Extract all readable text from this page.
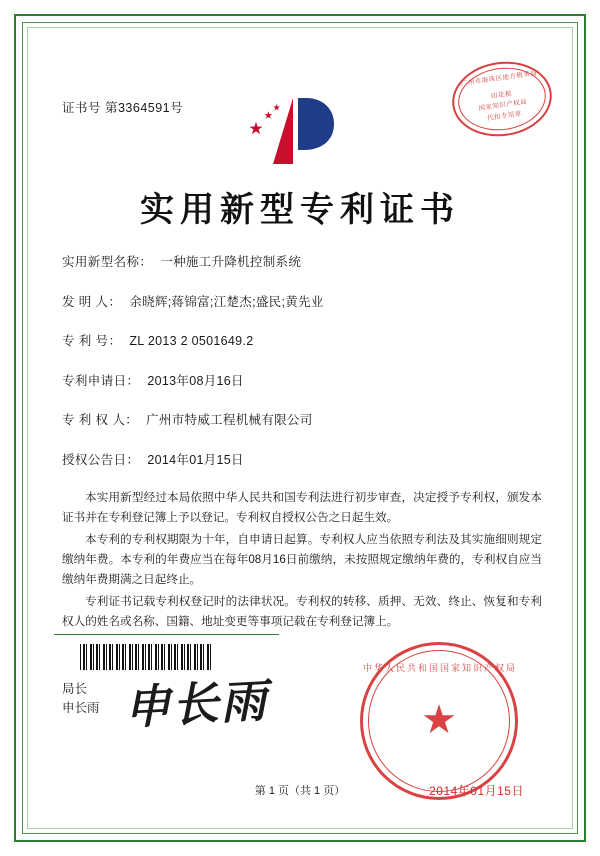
证书号 第3364591号
广州市海珠区地方税务局
印花税
国家知识产权局
代扣专用章
实用新型专利证书
实用新型名称： 一种施工升降机控制系统
发 明 人： 余晓辉;蒋锦富;江楚杰;盛民;黄先业
专 利 号： ZL 2013 2 0501649.2
专利申请日： 2013年08月16日
专 利 权 人： 广州市特威工程机械有限公司
授权公告日： 2014年01月15日

本实用新型经过本局依照中华人民共和国专利法进行初步审查，决定授予专利权，颁发本证书并在专利登记簿上予以登记。专利权自授权公告之日起生效。

本专利的专利权期限为十年，自申请日起算。专利权人应当依照专利法及其实施细则规定缴纳年费。本专利的年费应当在每年08月16日前缴纳，未按照规定缴纳年费的，专利权自应当缴纳年费期满之日起终止。

专利证书记载专利权登记时的法律状况。专利权的转移、质押、无效、终止、恢复和专利权人的姓名或名称、国籍、地址变更等事项记载在专利登记簿上。

局长
申长雨 申长雨
中华人民共和国国家知识产权局
★
2014年01月15日
第 1 页（共 1 页）
